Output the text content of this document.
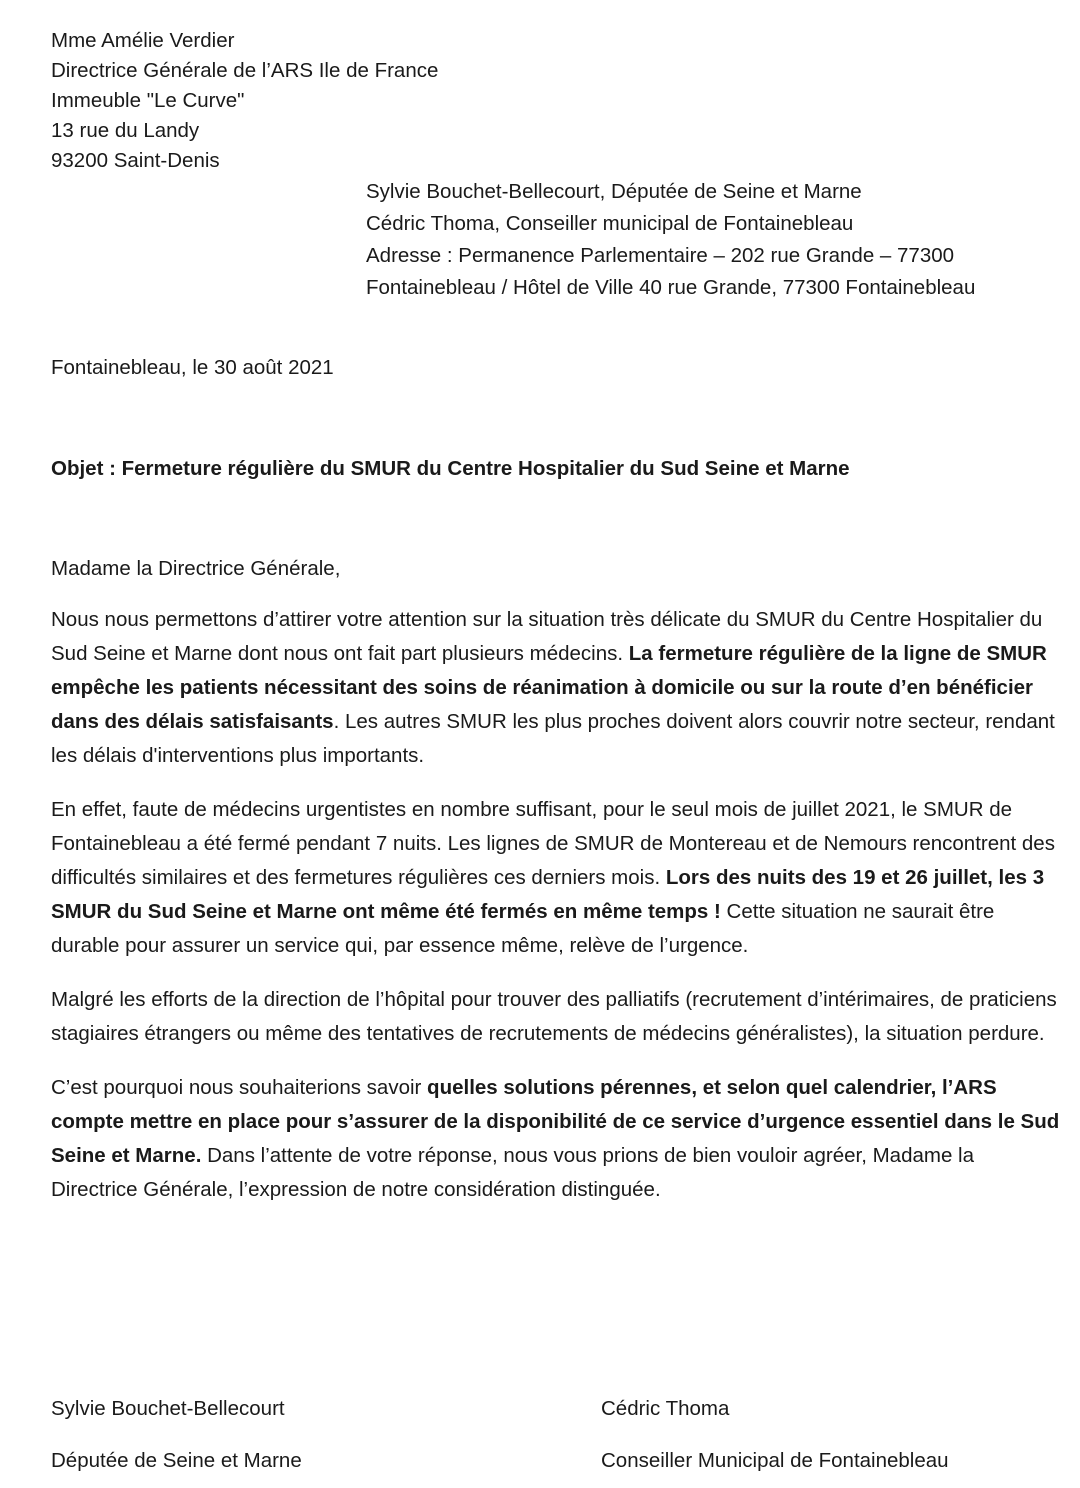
Mme Amélie Verdier
Directrice Générale de l’ARS Ile de France
Immeuble "Le Curve"
13 rue du Landy
93200 Saint-Denis
Sylvie Bouchet-Bellecourt, Députée de Seine et Marne
Cédric Thoma, Conseiller municipal de Fontainebleau
Adresse : Permanence Parlementaire – 202 rue Grande – 77300
Fontainebleau / Hôtel de Ville 40 rue Grande, 77300 Fontainebleau
Fontainebleau, le 30 août 2021
Objet : Fermeture régulière du SMUR du Centre Hospitalier du Sud Seine et Marne
Madame la Directrice Générale,

Nous nous permettons d’attirer votre attention sur la situation très délicate du SMUR du Centre Hospitalier du Sud Seine et Marne dont nous ont fait part plusieurs médecins. La fermeture régulière de la ligne de SMUR empêche les patients nécessitant des soins de réanimation à domicile ou sur la route d’en bénéficier dans des délais satisfaisants. Les autres SMUR les plus proches doivent alors couvrir notre secteur, rendant les délais d'interventions plus importants.

En effet, faute de médecins urgentistes en nombre suffisant, pour le seul mois de juillet 2021, le SMUR de Fontainebleau a été fermé pendant 7 nuits. Les lignes de SMUR de Montereau et de Nemours rencontrent des difficultés similaires et des fermetures régulières ces derniers mois. Lors des nuits des 19 et 26 juillet, les 3 SMUR du Sud Seine et Marne ont même été fermés en même temps ! Cette situation ne saurait être durable pour assurer un service qui, par essence même, relève de l’urgence.

Malgré les efforts de la direction de l’hôpital pour trouver des palliatifs (recrutement d’intérimaires, de praticiens stagiaires étrangers ou même des tentatives de recrutements de médecins généralistes), la situation perdure.

C’est pourquoi nous souhaiterions savoir quelles solutions pérennes, et selon quel calendrier, l’ARS compte mettre en place pour s’assurer de la disponibilité de ce service d’urgence essentiel dans le Sud Seine et Marne. Dans l’attente de votre réponse, nous vous prions de bien vouloir agréer, Madame la Directrice Générale, l’expression de notre considération distinguée.

Sylvie Bouchet-Bellecourt
Députée de Seine et Marne
Cédric Thoma
Conseiller Municipal de Fontainebleau
